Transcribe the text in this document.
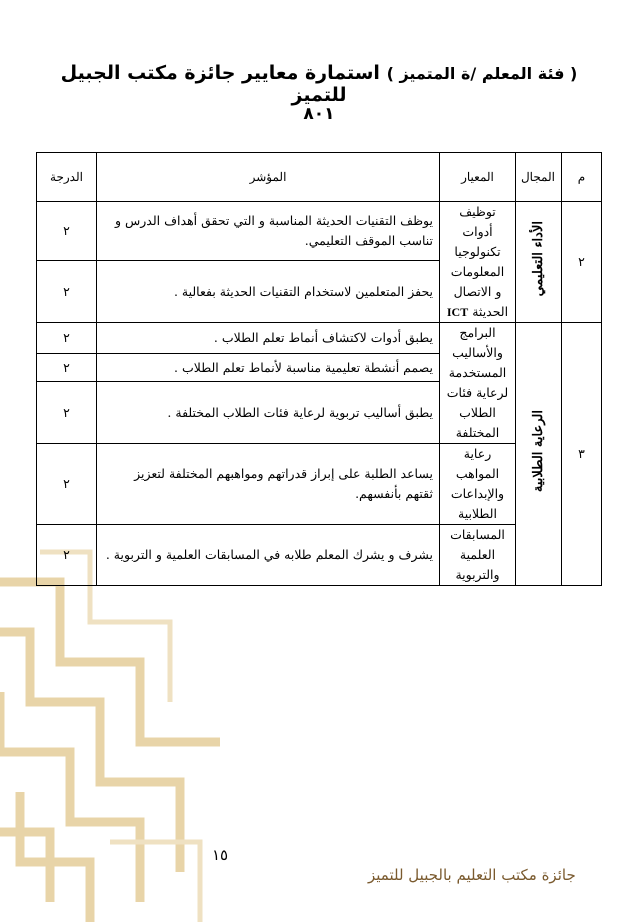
( فئة المعلم /ة المتميز ) استمارة معايير جائزة مكتب الجبيل للتميز
٨٠١
م	المجال	المعيار	المؤشر	الدرجة
٢	الأداء التعليمي	توظيف أدوات تكنولوجيا المعلومات و الاتصال الحديثة ICT	يوظف التقنيات الحديثة المناسبة و التي تحقق أهداف الدرس و تناسب الموقف التعليمي.	٢
			يحفز المتعلمين لاستخدام التقنيات الحديثة بفعالية .	٢
٣	الرعاية الطلابية	البرامج والأساليب المستخدمة لرعاية فئات الطلاب المختلفة	يطبق أدوات لاكتشاف أنماط تعلم الطلاب .	٢
			يصمم أنشطة تعليمية مناسبة لأنماط تعلم الطلاب .	٢
			يطبق أساليب تربوية لرعاية فئات الطلاب المختلفة .	٢
		رعاية المواهب والإبداعات الطلابية	يساعد الطلبة على إبراز قدراتهم ومواهبهم المختلفة لتعزيز ثقتهم بأنفسهم.	٢
		المسابقات العلمية والتربوية	يشرف و يشرك المعلم طلابه في المسابقات العلمية و التربوية .	٢
١٥
جائزة مكتب التعليم بالجبيل للتميز
